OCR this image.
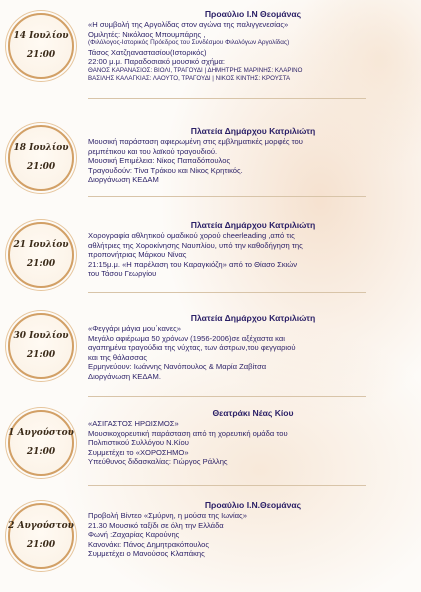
14 Ιουλίου
21:00
Προαύλιο Ι.Ν Θεομάνας
«Η συμβολή της Αργολίδας στον αγώνα της παλιγγενεσίας»
Ομιλητές: Νικόλαος Μπουμπάρης ,
(Φιλόλογος-Ιστορικός Πρόεδρος του Συνδέσμου Φιλολόγων Αργολίδας)
Τάσος Χατζηαναστασίου(Ιστορικός)
22:00 μ.μ. Παραδοσιακό μουσικό σχήμα:
ΘΑΝΟΣ ΚΑΡΑΝΑΣΙΟΣ: ΒΙΟΛΙ, ΤΡΑΓΟΥΔΙ | ΔΗΜΗΤΡΗΣ ΜΑΡΙΝΗΣ: ΚΛΑΡΙΝΟ
ΒΑΣΙΛΗΣ ΚΑΛΑΓΚΙΑΣ: ΛΑΟΥΤΟ, ΤΡΑΓΟΥΔΙ | ΝΙΚΟΣ ΚΙΝΤΗΣ: ΚΡΟΥΣΤΑ
18 Ιουλίου
21:00
Πλατεία Δημάρχου Κατριλιώτη
Μουσική παράσταση αφιερωμένη στις εμβληματικές μορφές του
ρεμπέτικου και του λαϊκού τραγουδιού.
Μουσική Επιμέλεια: Νίκος Παπαδόπουλος
Τραγουδούν: Τίνα Τράκου και Νίκος Κρητικός.
Διοργάνωση ΚΕΔΑΜ
21 Ιουλίου
21:00
Πλατεία Δημάρχου Κατριλιώτη
Χορογραφία αθλητικού ομαδικού χορού cheerleading ,από τις
αθλήτριες της Χοροκίνησης Ναυπλίου, υπό την καθοδήγηση της
προπονήτριας Μάρκου Νίνας
21:15μ.μ. «Η παρέλαση του Καραγκιόζη» από το Θίασο Σκιών
του Τάσου Γεωργίου
30 Ιουλίου
21:00
Πλατεία Δημάρχου Κατριλιώτη
«Φεγγάρι μάγια μου΄κανες»
Μεγάλο αφιέρωμα 50 χρόνων (1956-2006)σε αξέχαστα και
αγαπημένα τραγούδια της νύχτας, των άστρων,του φεγγαριού
και της θάλασσας
Ερμηνεύουν: Ιωάννης Νανόπουλος & Μαρία Ζαβίτσα
Διοργάνωση ΚΕΔΑΜ.
1 Αυγούστου
21:00
Θεατράκι Νέας Κίου
«ΑΣΙΓΑΣΤΟΣ ΗΡΩΙΣΜΟΣ»
Μουσικοχορευτική παράσταση από τη χορευτική ομάδα του
Πολιτιστικού Συλλόγου Ν.Κίου
Συμμετέχει το «ΧΟΡΟΣΗΜΟ»
Υπεύθυνος διδασκαλίας: Γιώργος Ράλλης
2 Αυγούστου
21:00
Προαύλιο Ι.Ν.Θεομάνας
Προβολή Βίντεο «Σμύρνη, η μούσα της Ιωνίας»
21.30 Μουσικό ταξίδι σε όλη την Ελλάδα
Φωνή :Ζαχαρίας Καρούνης
Κανονάκι: Πάνος Δημητρακόπουλος
Συμμετέχει ο Μανούσος Κλαπάκης
